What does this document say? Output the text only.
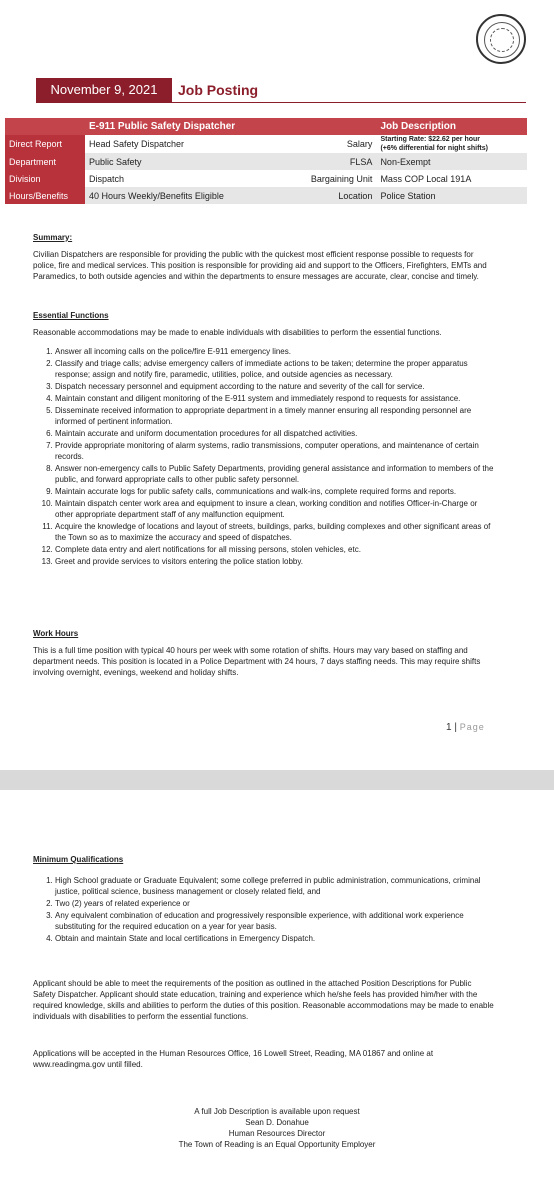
November 9, 2021	Job Posting
	E-911 Public Safety Dispatcher		Job Description
Direct Report	Head Safety Dispatcher	Salary	Starting Rate: $22.62 per hour
(+6% differential for night shifts)

Department	Public Safety	FLSA	Non-Exempt
Division	Dispatch	Bargaining Unit	Mass COP Local 191A
Hours/Benefits	40 Hours Weekly/Benefits Eligible	Location	Police Station
Summary:

Civilian Dispatchers are responsible for providing the public with the quickest most efficient response possible to requests for police, fire and medical services. This position is responsible for providing aid and support to the Officers, Firefighters, EMTs and Paramedics, to both outside agencies and within the departments to ensure messages are accurate, clear, concise and timely.

Essential Functions

Reasonable accommodations may be made to enable individuals with disabilities to perform the essential functions.

1. Answer all incoming calls on the police/fire E-911 emergency lines.
2. Classify and triage calls; advise emergency callers of immediate actions to be taken; determine the proper apparatus response; assign and notify fire, paramedic, utilities, police, and outside agencies as necessary.
3. Dispatch necessary personnel and equipment according to the nature and severity of the call for service.
4. Maintain constant and diligent monitoring of the E-911 system and immediately respond to requests for assistance.
5. Disseminate received information to appropriate department in a timely manner ensuring all responding personnel are informed of pertinent information.
6. Maintain accurate and uniform documentation procedures for all dispatched activities.
7. Provide appropriate monitoring of alarm systems, radio transmissions, computer operations, and maintenance of certain records.
8. Answer non-emergency calls to Public Safety Departments, providing general assistance and information to members of the public, and forward appropriate calls to other public safety personnel.
9. Maintain accurate logs for public safety calls, communications and walk-ins, complete required forms and reports.
10. Maintain dispatch center work area and equipment to insure a clean, working condition and notifies Officer-in-Charge or other appropriate department staff of any malfunction equipment.
11. Acquire the knowledge of locations and layout of streets, buildings, parks, building complexes and other significant areas of the Town so as to maximize the accuracy and speed of dispatches.
12. Complete data entry and alert notifications for all missing persons, stolen vehicles, etc.
13. Greet and provide services to visitors entering the police station lobby.
Work Hours

This is a full time position with typical 40 hours per week with some rotation of shifts. Hours may vary based on staffing and department needs. This position is located in a Police Department with 24 hours, 7 days staffing needs. This may require shifts involving overnight, evenings, weekend and holiday shifts.

1 | Page
Minimum Qualifications
1. High School graduate or Graduate Equivalent; some college preferred in public administration, communications, criminal justice, political science, business management or closely related field, and
2. Two (2) years of related experience or
3. Any equivalent combination of education and progressively responsible experience, with additional work experience substituting for the required education on a year for year basis.
4. Obtain and maintain State and local certifications in Emergency Dispatch.

Applicant should be able to meet the requirements of the position as outlined in the attached Position Descriptions for Public Safety Dispatcher. Applicant should state education, training and experience which he/she feels has provided him/her with the required knowledge, skills and abilities to perform the duties of this position. Reasonable accommodations may be made to enable individuals with disabilities to perform the essential functions.

Applications will be accepted in the Human Resources Office, 16 Lowell Street, Reading, MA 01867 and online at www.readingma.gov until filled.

A full Job Description is available upon request
Sean D. Donahue
Human Resources Director
The Town of Reading is an Equal Opportunity Employer
